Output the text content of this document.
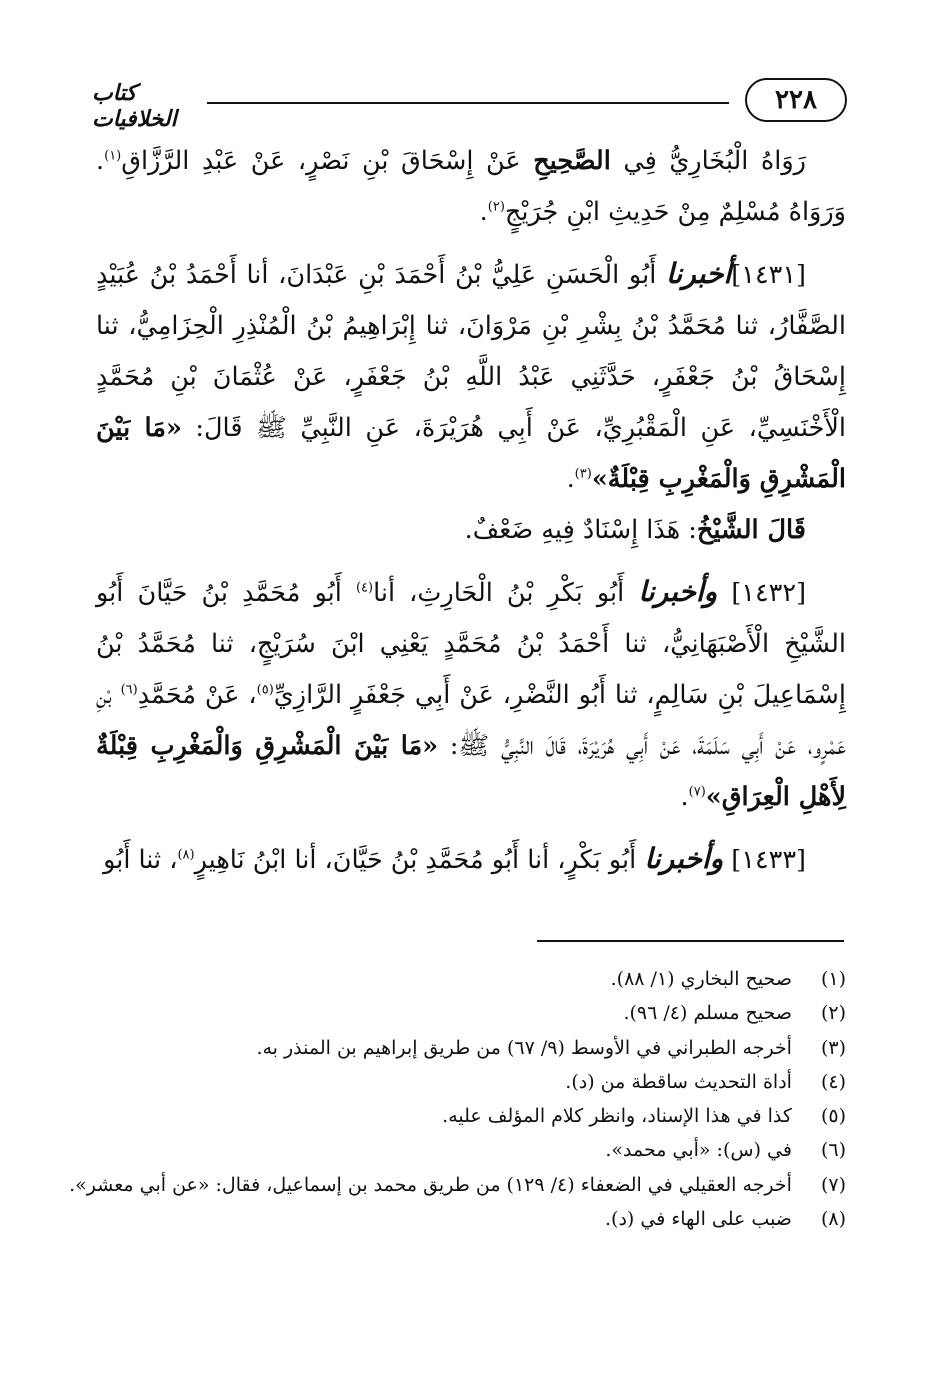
٢٢٨
كتاب الخلافيات

رَوَاهُ الْبُخَارِيُّ فِي الصَّحِيحِ عَنْ إِسْحَاقَ بْنِ نَصْرٍ، عَنْ عَبْدِ الرَّزَّاقِ$^{(١)}$. وَرَوَاهُ مُسْلِمٌ مِنْ حَدِيثِ ابْنِ جُرَيْجٍ$^{(٢)}$.

[١٤٣١]أخبرنا أَبُو الْحَسَنِ عَلِيُّ بْنُ أَحْمَدَ بْنِ عَبْدَانَ، أنا أَحْمَدُ بْنُ عُبَيْدٍ الصَّفَّارُ، ثنا مُحَمَّدُ بْنُ بِشْرِ بْنِ مَرْوَانَ، ثنا إِبْرَاهِيمُ بْنُ الْمُنْذِرِ الْحِزَامِيُّ، ثنا إِسْحَاقُ بْنُ جَعْفَرٍ، حَدَّثَنِي عَبْدُ اللَّهِ بْنُ جَعْفَرٍ، عَنْ عُثْمَانَ بْنِ مُحَمَّدٍ الْأَخْنَسِيِّ، عَنِ الْمَقْبُرِيِّ، عَنْ أَبِي هُرَيْرَةَ، عَنِ النَّبِيِّ ﷺ قَالَ: «مَا بَيْنَ الْمَشْرِقِ وَالْمَغْرِبِ قِبْلَةٌ»$^{(٣)}$.

قَالَ الشَّيْخُ: هَذَا إِسْنَادٌ فِيهِ ضَعْفٌ.

[١٤٣٢] وأخبرنا أَبُو بَكْرِ بْنُ الْحَارِثِ، أنا$^{(٤)}$ أَبُو مُحَمَّدِ بْنُ حَيَّانَ أَبُو الشَّيْخِ الْأَصْبَهَانِيُّ، ثنا أَحْمَدُ بْنُ مُحَمَّدٍ يَعْنِي ابْنَ سُرَيْجٍ، ثنا مُحَمَّدُ بْنُ إِسْمَاعِيلَ بْنِ سَالِمٍ، ثنا أَبُو النَّضْرِ، عَنْ أَبِي جَعْفَرٍ الرَّازِيِّ$^{(٥)}$، عَنْ مُحَمَّدِ$^{(٦)}$ بْنِ عَمْرٍو، عَنْ أَبِي سَلَمَةَ، عَنْ أَبِي هُرَيْرَةَ، قَالَ النَّبِيُّ ﷺ: «مَا بَيْنَ الْمَشْرِقِ وَالْمَغْرِبِ قِبْلَةٌ لِأَهْلِ الْعِرَاقِ»$^{(٧)}$.

[١٤٣٣] وأخبرنا أَبُو بَكْرٍ، أنا أَبُو مُحَمَّدِ بْنُ حَيَّانَ، أنا ابْنُ نَاهِيرٍ$^{(٨)}$، ثنا أَبُو

(١) صحيح البخاري (١/ ٨٨).
(٢) صحيح مسلم (٤/ ٩٦).
(٣) أخرجه الطبراني في الأوسط (٩/ ٦٧) من طريق إبراهيم بن المنذر به.
(٤) أداة التحديث ساقطة من (د).
(٥) كذا في هذا الإسناد، وانظر كلام المؤلف عليه.
(٦) في (س): «أبي محمد».
(٧) أخرجه العقيلي في الضعفاء (٤/ ١٢٩) من طريق محمد بن إسماعيل، فقال: «عن أبي معشر».
(٨) ضبب على الهاء في (د).
